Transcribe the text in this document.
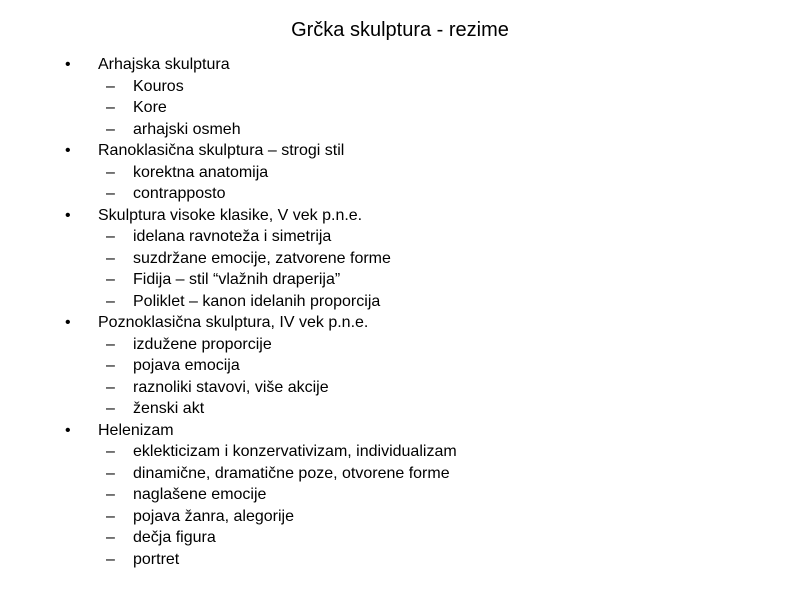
Grčka skulptura - rezime
• Arhajska skulptura
– Kouros
– Kore
– arhajski osmeh
• Ranoklasična skulptura – strogi stil
– korektna anatomija
– contrapposto
• Skulptura visoke klasike, V vek p.n.e.
– idelana ravnoteža i simetrija
– suzdržane emocije, zatvorene forme
– Fidija – stil “vlažnih draperija”
– Poliklet – kanon idelanih proporcija
• Poznoklasična skulptura, IV vek p.n.e.
– izdužene proporcije
– pojava emocija
– raznoliki stavovi, više akcije
– ženski akt
• Helenizam
– eklekticizam i konzervativizam, individualizam
– dinamične, dramatične poze, otvorene forme
– naglašene emocije
– pojava žanra, alegorije
– dečja figura
– portret
